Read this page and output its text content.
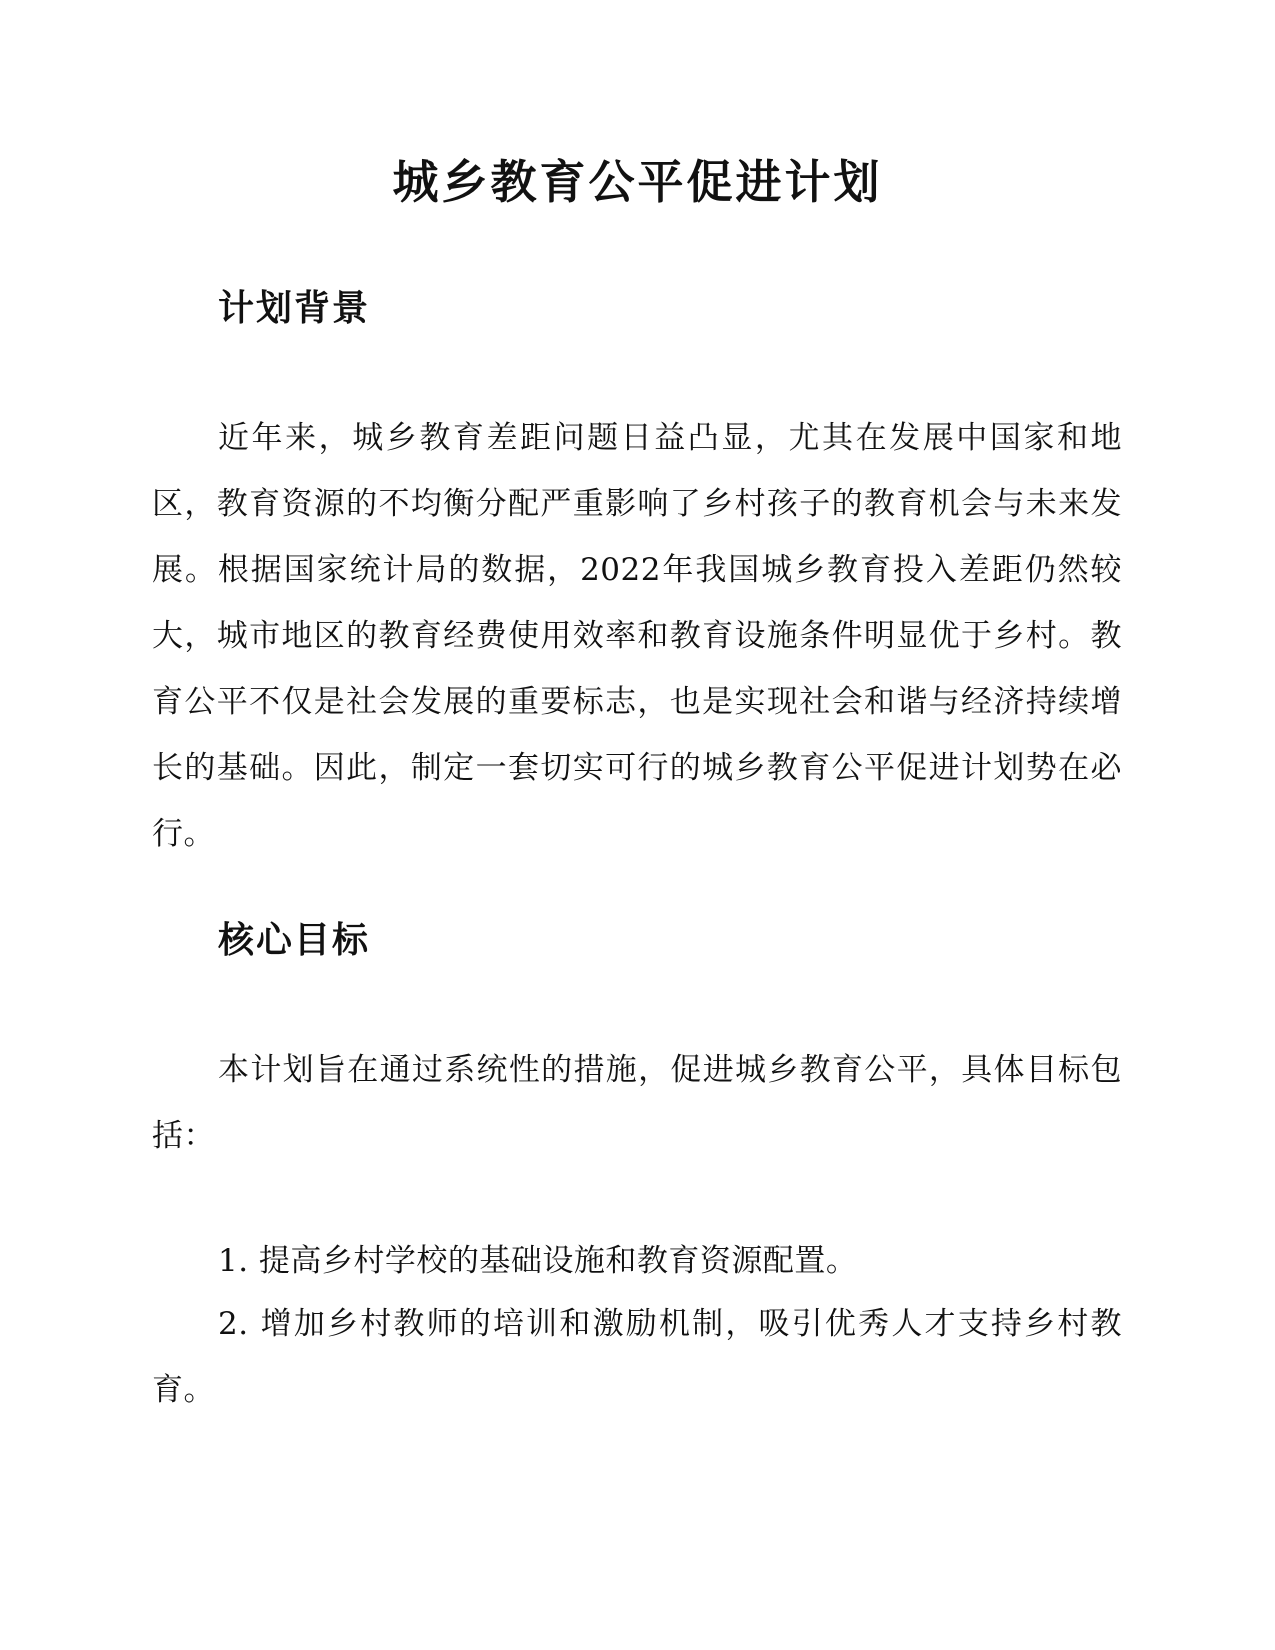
城乡教育公平促进计划
计划背景

近年来，城乡教育差距问题日益凸显，尤其在发展中国家和地区，教育资源的不均衡分配严重影响了乡村孩子的教育机会与未来发展。根据国家统计局的数据，2022年我国城乡教育投入差距仍然较大，城市地区的教育经费使用效率和教育设施条件明显优于乡村。教育公平不仅是社会发展的重要标志，也是实现社会和谐与经济持续增长的基础。因此，制定一套切实可行的城乡教育公平促进计划势在必行。

核心目标

本计划旨在通过系统性的措施，促进城乡教育公平，具体目标包括：

1. 提高乡村学校的基础设施和教育资源配置。

2. 增加乡村教师的培训和激励机制，吸引优秀人才支持乡村教育。
